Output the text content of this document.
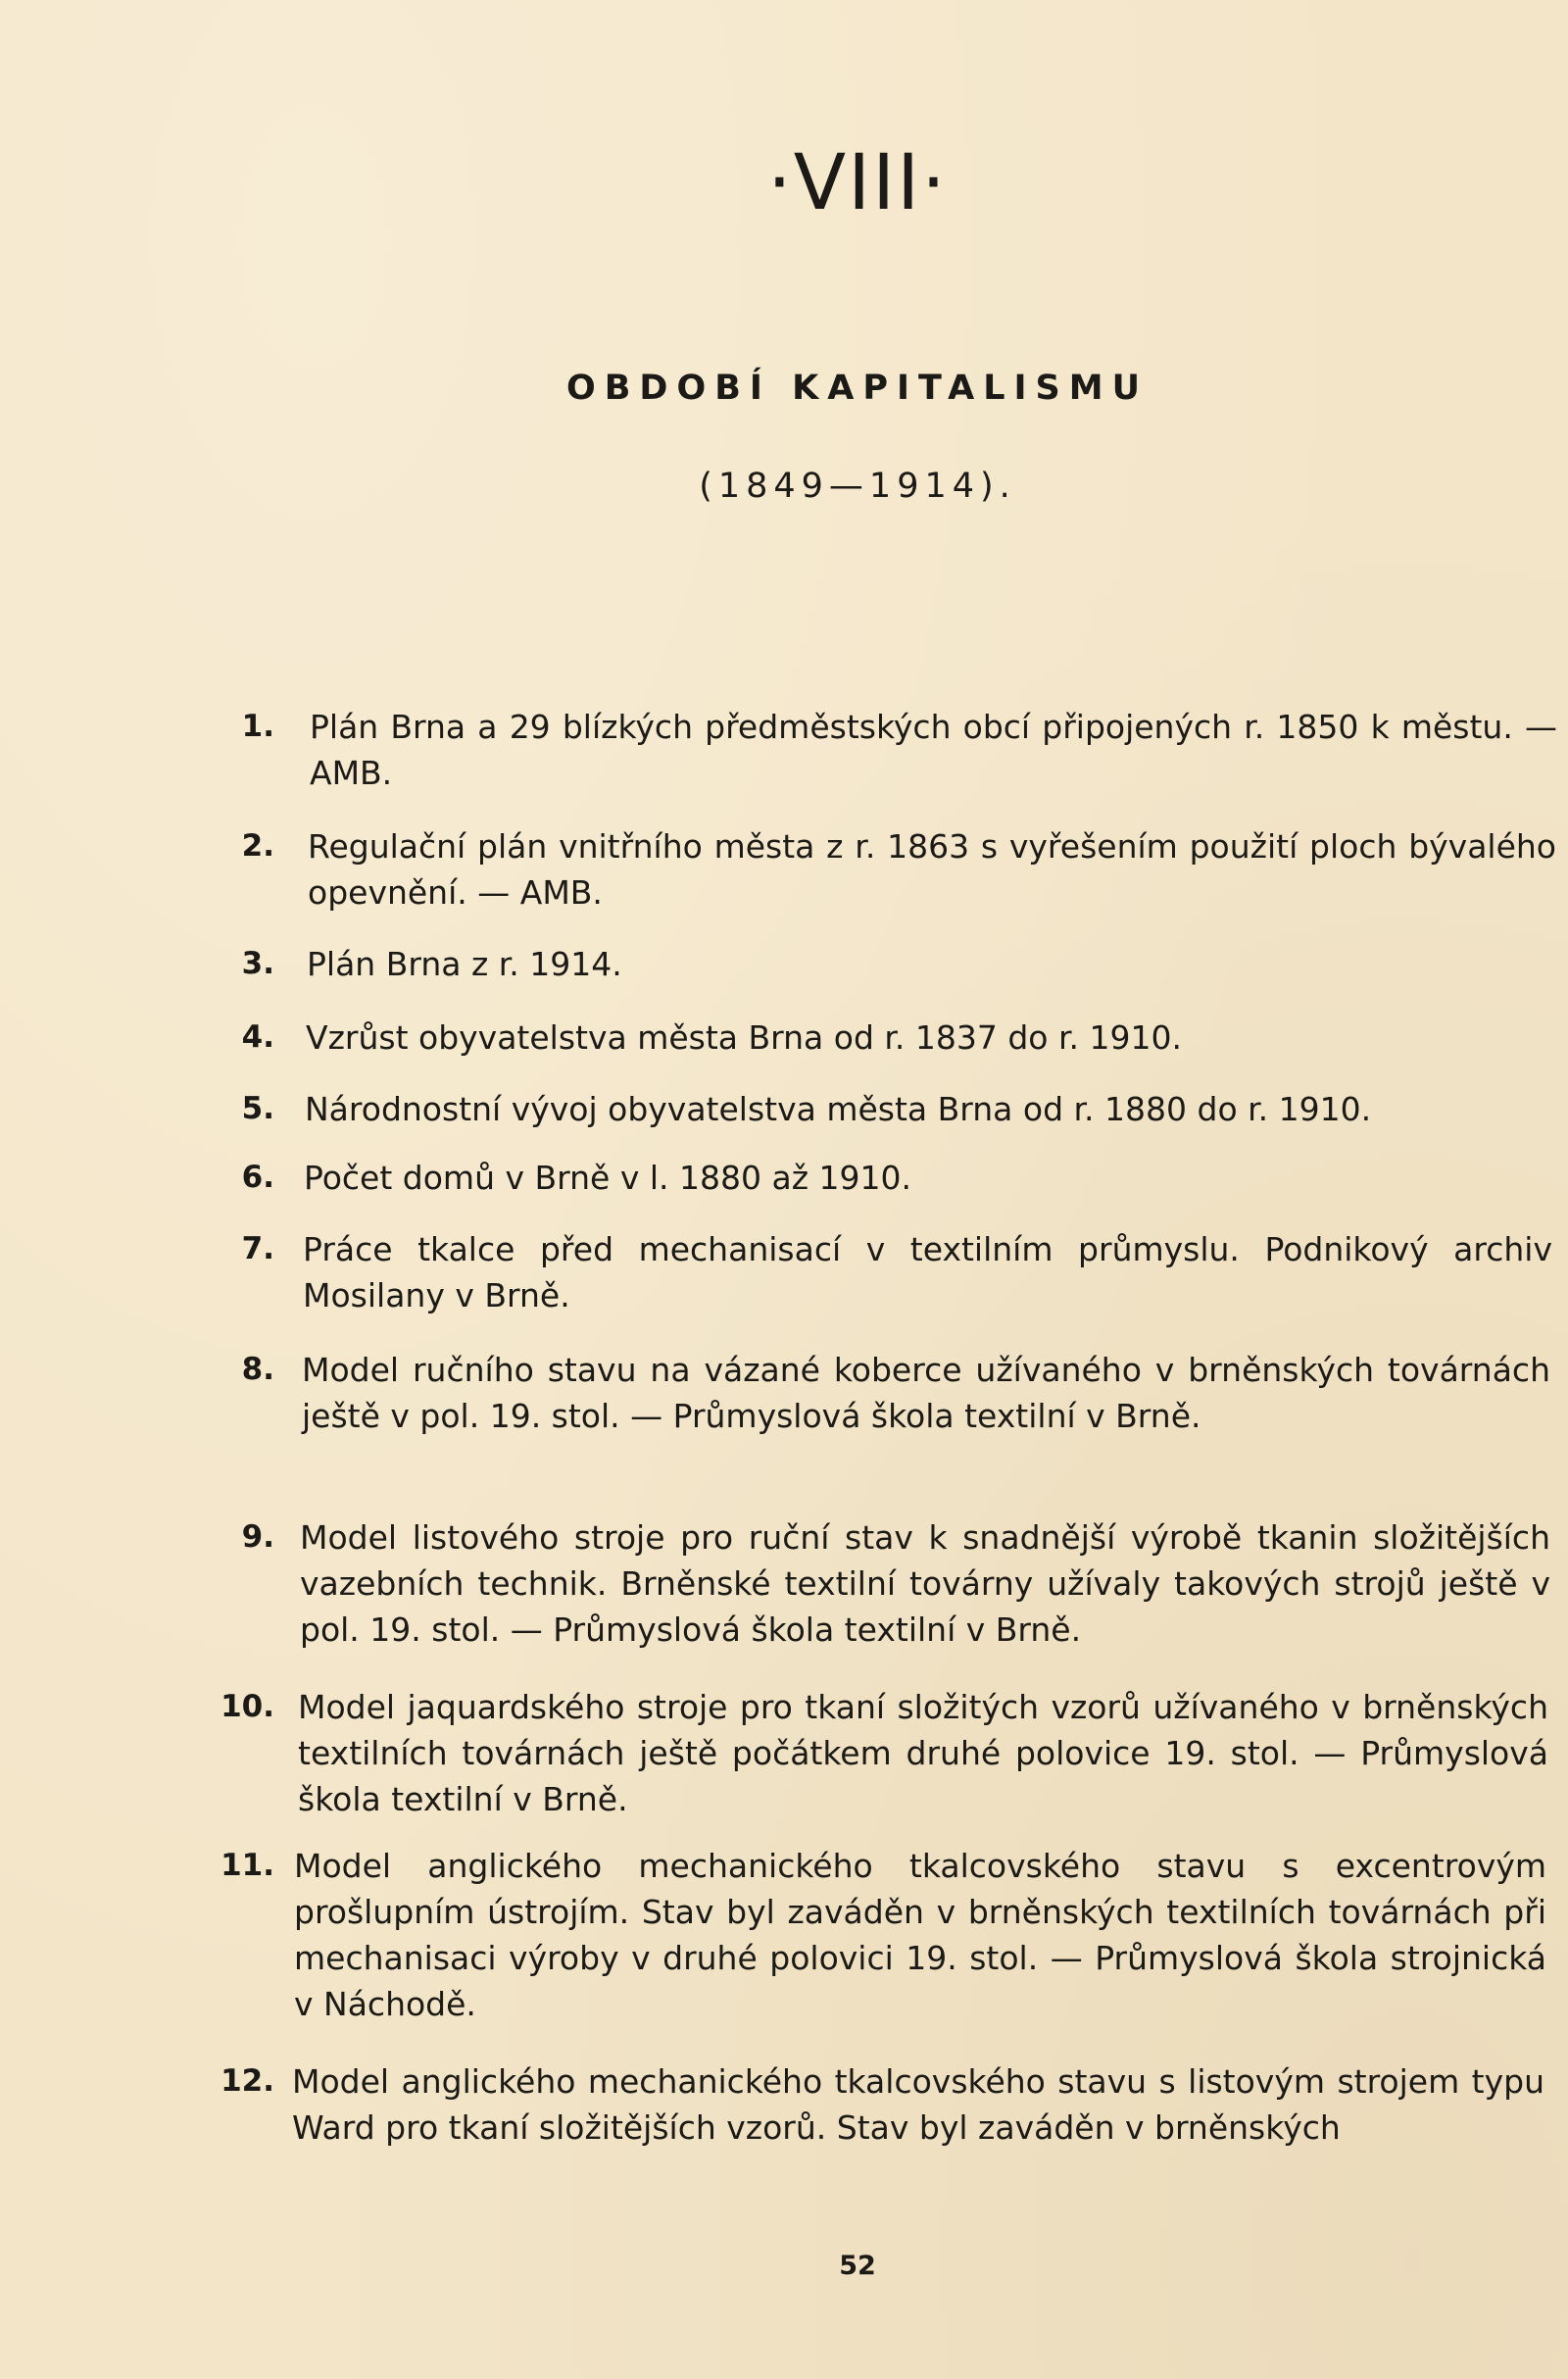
·VIII·
OBDOBÍ KAPITALISMU
(1849—1914).
1. Plán Brna a 29 blízkých předměstských obcí připojených r. 1850 k městu. — AMB.
2. Regulační plán vnitřního města z r. 1863 s vyřešením použití ploch bývalého opevnění. — AMB.
3. Plán Brna z r. 1914.
4. Vzrůst obyvatelstva města Brna od r. 1837 do r. 1910.
5. Národnostní vývoj obyvatelstva města Brna od r. 1880 do r. 1910.
6. Počet domů v Brně v l. 1880 až 1910.
7. Práce tkalce před mechanisací v textilním průmyslu. Podnikový archiv Mosilany v Brně.
8. Model ručního stavu na vázané koberce užívaného v brněnských továrnách ještě v pol. 19. stol. — Průmyslová škola textilní v Brně.
9. Model listového stroje pro ruční stav k snadnější výrobě tkanin složitějších vazebních technik. Brněnské textilní továrny užívaly takových strojů ještě v pol. 19. stol. — Průmyslová škola textilní v Brně.
10. Model jaquardského stroje pro tkaní složitých vzorů užívaného v brněnských textilních továrnách ještě počátkem druhé polovice 19. stol. — Průmyslová škola textilní v Brně.
11. Model anglického mechanického tkalcovského stavu s excentrovým prošlupním ústrojím. Stav byl zaváděn v brněnských textilních továrnách při mechanisaci výroby v druhé polovici 19. stol. — Průmyslová škola strojnická v Náchodě.
12. Model anglického mechanického tkalcovského stavu s listovým strojem typu Ward pro tkaní složitějších vzorů. Stav byl zaváděn v brněnských
52
